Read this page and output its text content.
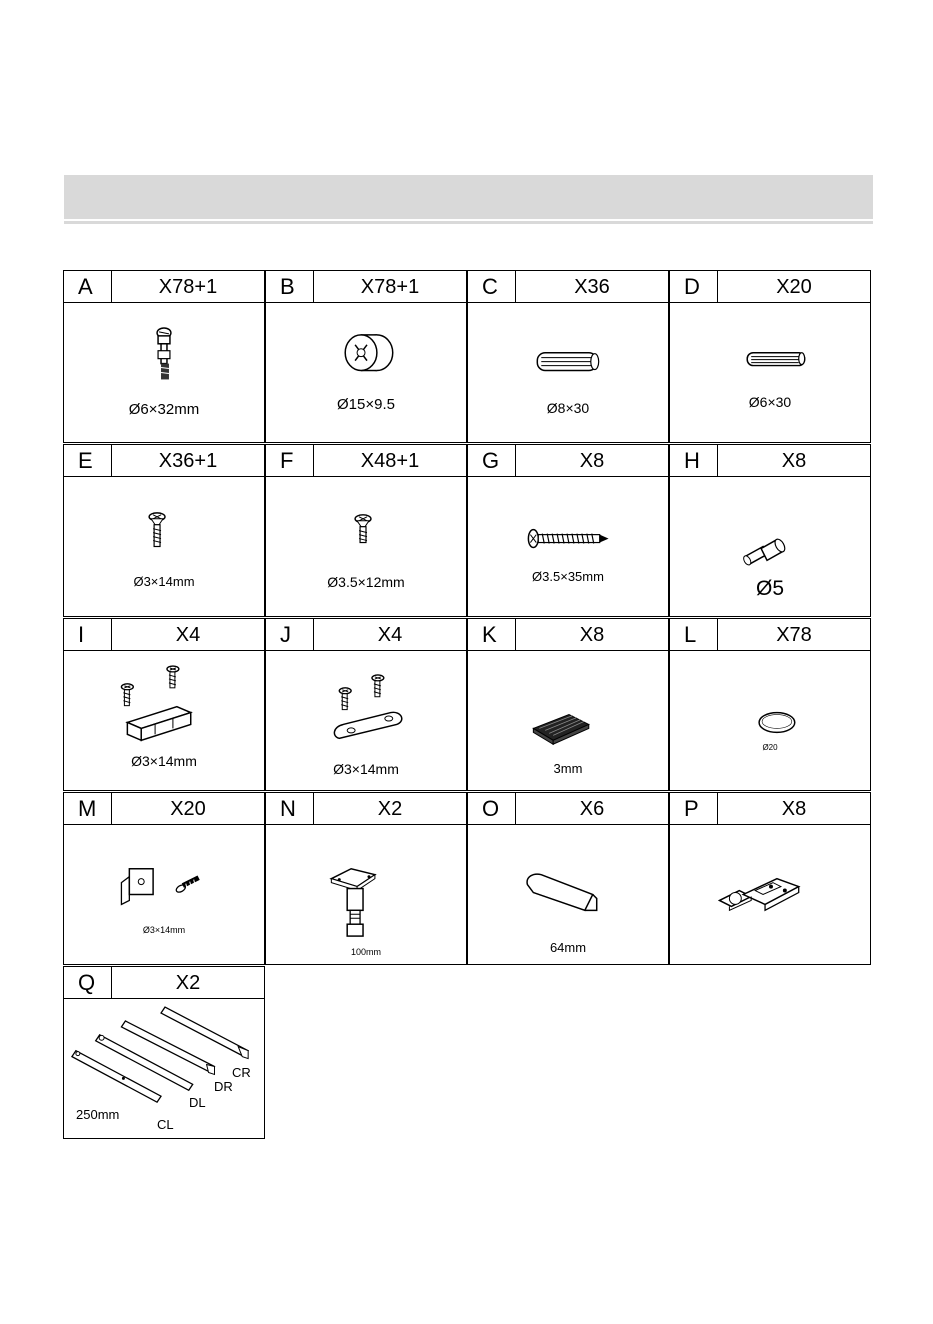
A	X78+1
Ø6×32mm
B	X78+1
Ø15×9.5
C	X36
Ø8×30
D	X20
Ø6×30
E	X36+1
Ø3×14mm
F	X48+1
Ø3.5×12mm
G	X8
Ø3.5×35mm
H	X8
Ø5
I	X4
Ø3×14mm
J	X4
Ø3×14mm
K	X8
3mm
L	X78
Ø20
M	X20
Ø3×14mm
N	X2
100mm
O	X6
64mm
P	X8
Q	X2
CR
DR
DL
CL
250mm
